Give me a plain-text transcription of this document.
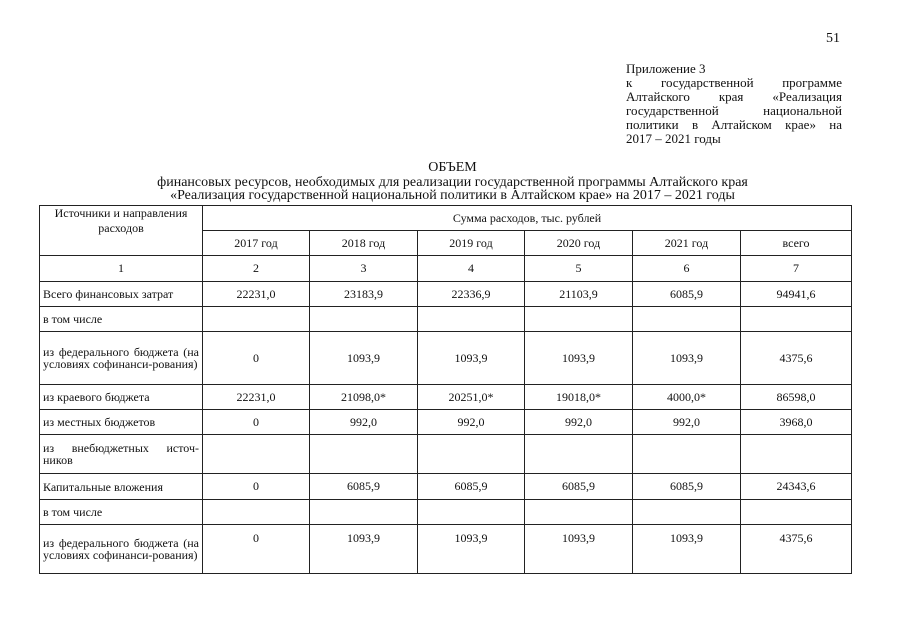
51
Приложение 3
к государственной программе
Алтайского края «Реализация
государственной национальной
политики в Алтайском крае» на
2017 – 2021 годы
ОБЪЕМ
финансовых ресурсов, необходимых для реализации государственной программы Алтайского края
«Реализация государственной национальной политики в Алтайском крае» на 2017 – 2021 годы
Источники и направления расходов	Сумма расходов, тыс. рублей					
	2017 год	2018 год	2019 год	2020 год	2021 год	всего
1	2	3	4	5	6	7
Всего финансовых затрат	22231,0	23183,9	22336,9	21103,9	6085,9	94941,6
в том числе						
из федерального бюджета (на условиях софинанси-рования)	0	1093,9	1093,9	1093,9	1093,9	4375,6
из краевого бюджета	22231,0	21098,0*	20251,0*	19018,0*	4000,0*	86598,0
из местных бюджетов	0	992,0	992,0	992,0	992,0	3968,0
из внебюджетных источ-ников						
Капитальные вложения	0	6085,9	6085,9	6085,9	6085,9	24343,6
в том числе						
из федерального бюджета (на условиях софинанси-рования)	0	1093,9	1093,9	1093,9	1093,9	4375,6
